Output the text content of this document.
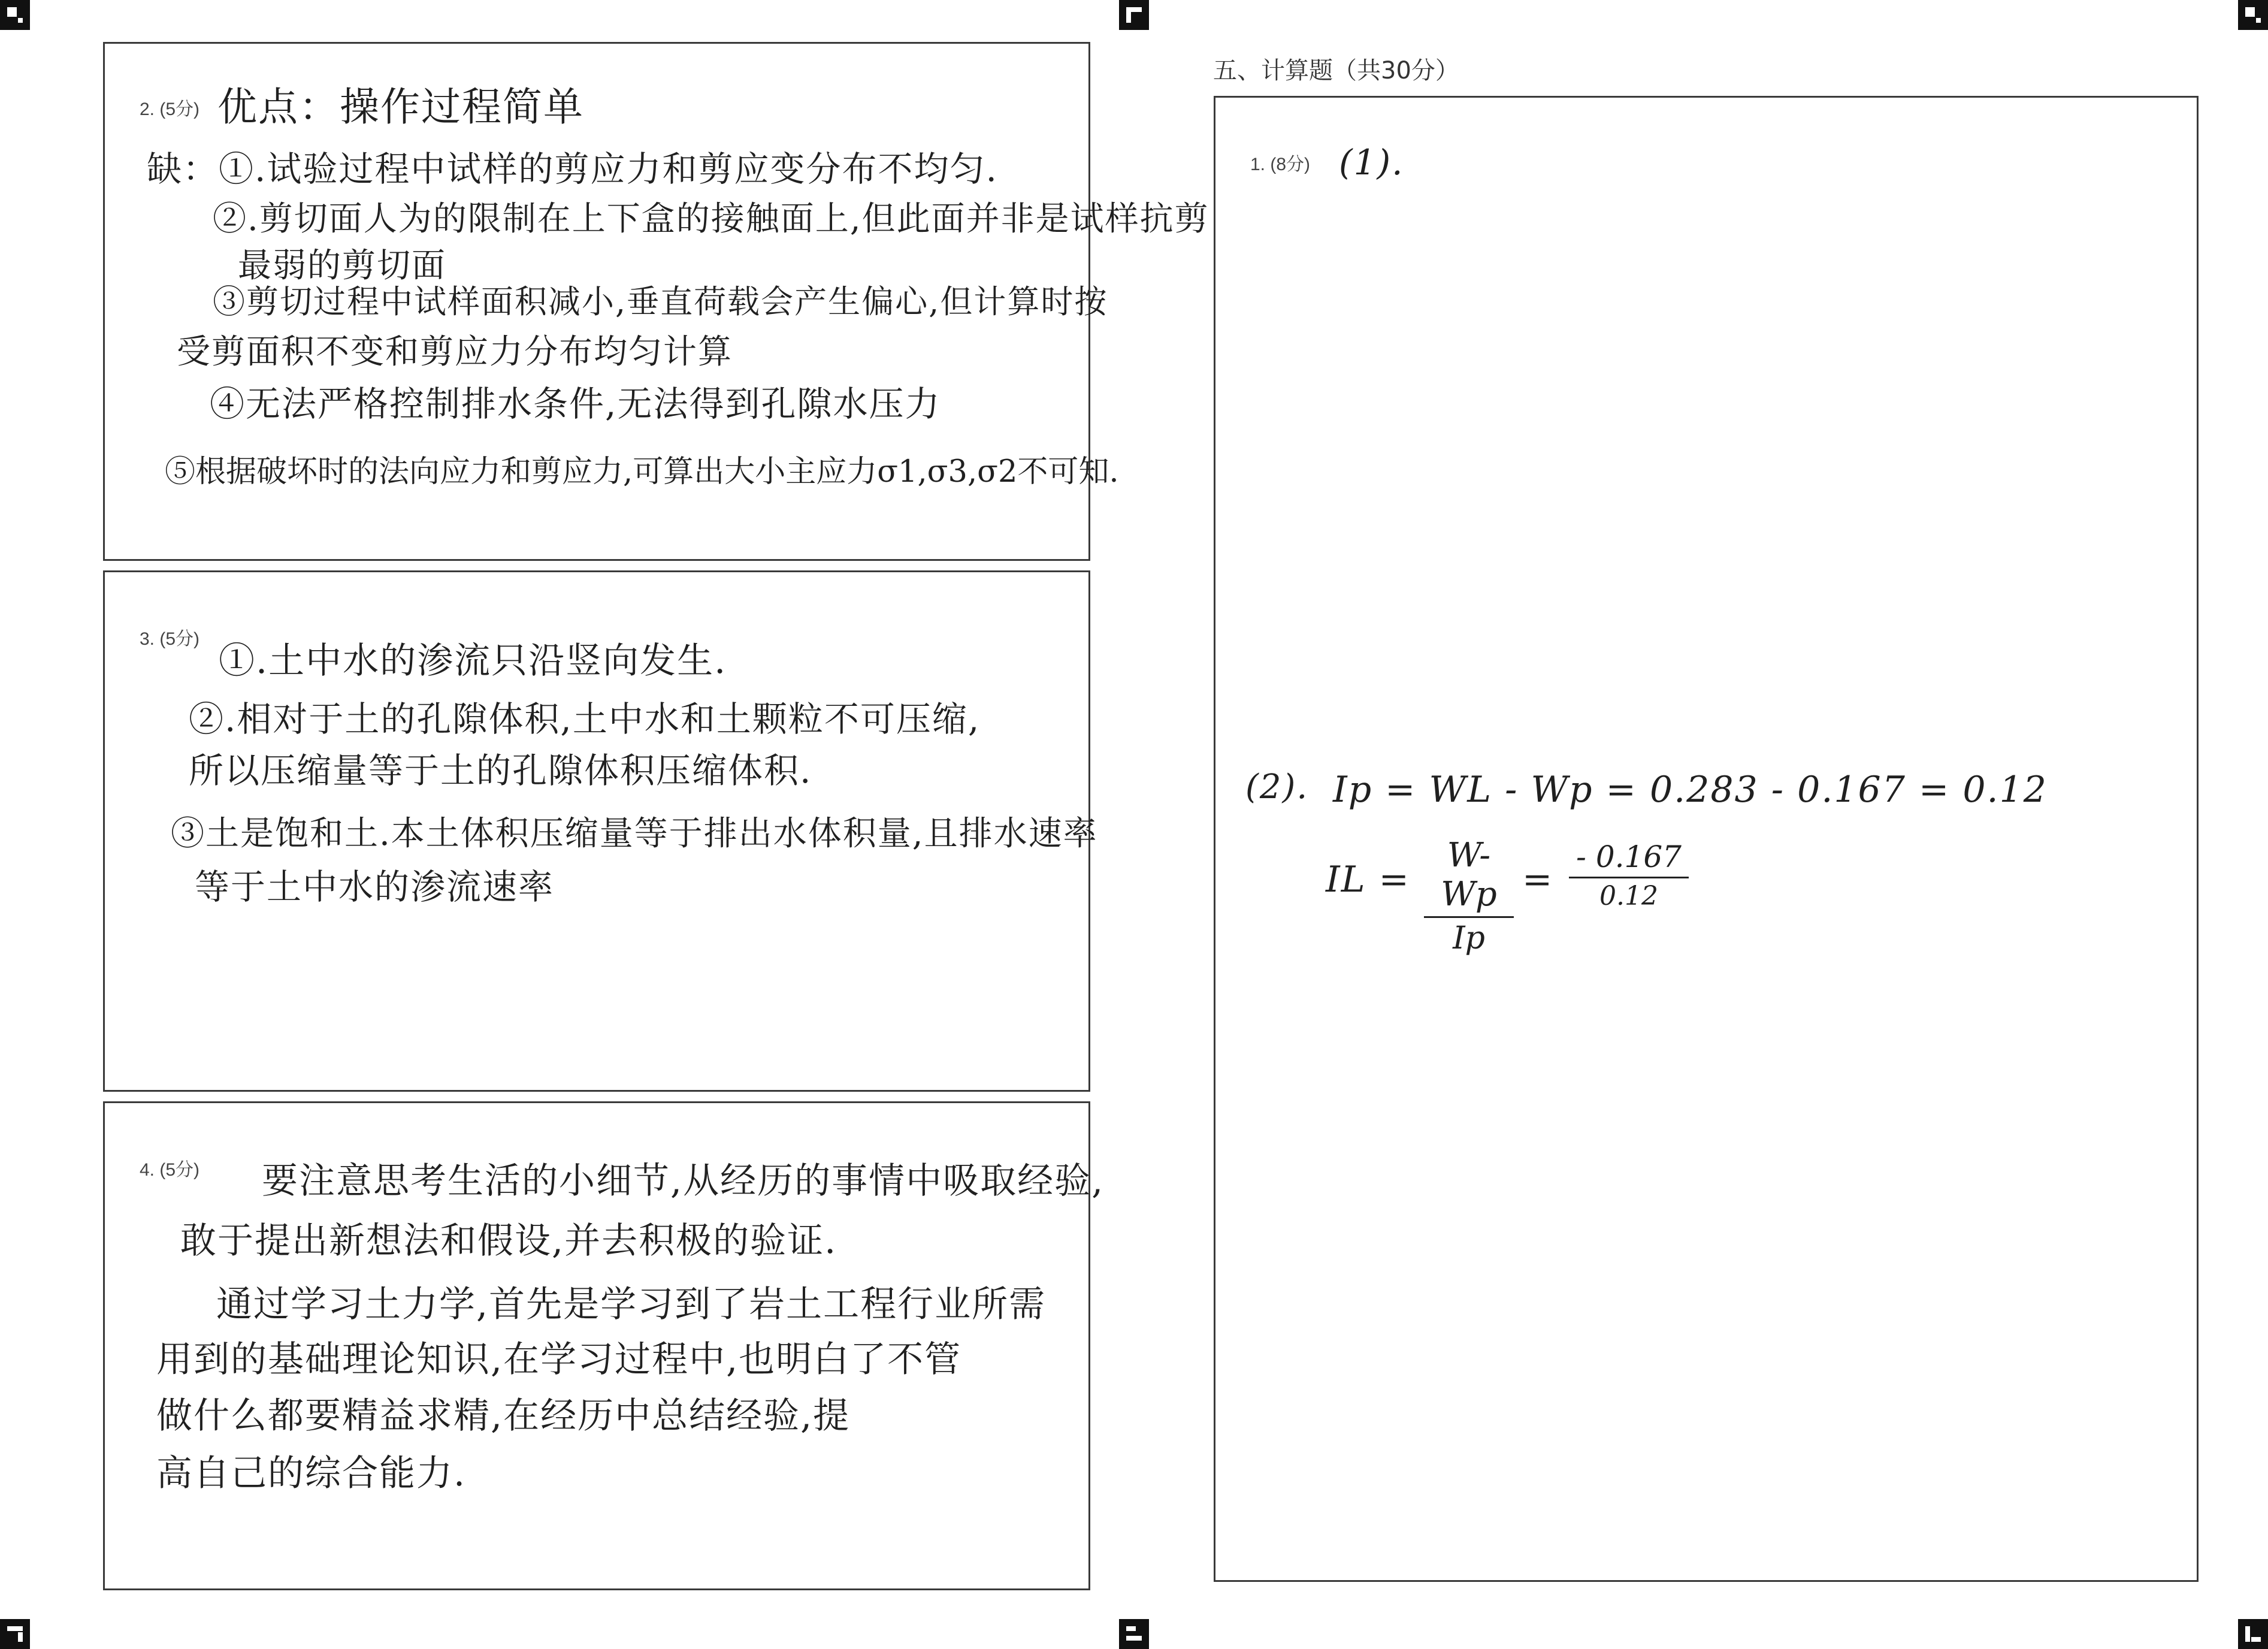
2. (5分) 优点：操作过程简单
缺：①.试验过程中试样的剪应力和剪应变分布不均匀.
②.剪切面人为的限制在上下盒的接触面上,但此面并非是试样抗剪
最弱的剪切面
③剪切过程中试样面积减小,垂直荷载会产生偏心,但计算时按
受剪面积不变和剪应力分布均匀计算
④无法严格控制排水条件,无法得到孔隙水压力
⑤根据破坏时的法向应力和剪应力,可算出大小主应力σ1,σ3,σ2不可知.
3. (5分)
①.土中水的渗流只沿竖向发生.
②.相对于土的孔隙体积,土中水和土颗粒不可压缩,
所以压缩量等于土的孔隙体积压缩体积.
③土是饱和土.本土体积压缩量等于排出水体积量,且排水速率
等于土中水的渗流速率
4. (5分) 要注意思考生活的小细节,从经历的事情中吸取经验,
敢于提出新想法和假设,并去积极的验证.
通过学习土力学,首先是学习到了岩土工程行业所需
用到的基础理论知识,在学习过程中,也明白了不管
做什么都要精益求精,在经历中总结经验,提
高自己的综合能力.
五、计算题（共30分）
1. (8分) (1).
(2). Ip = WL - Wp = 0.283 - 0.167 = 0.12
IL =
W-Wp
Ip
=
- 0.167
0.12
